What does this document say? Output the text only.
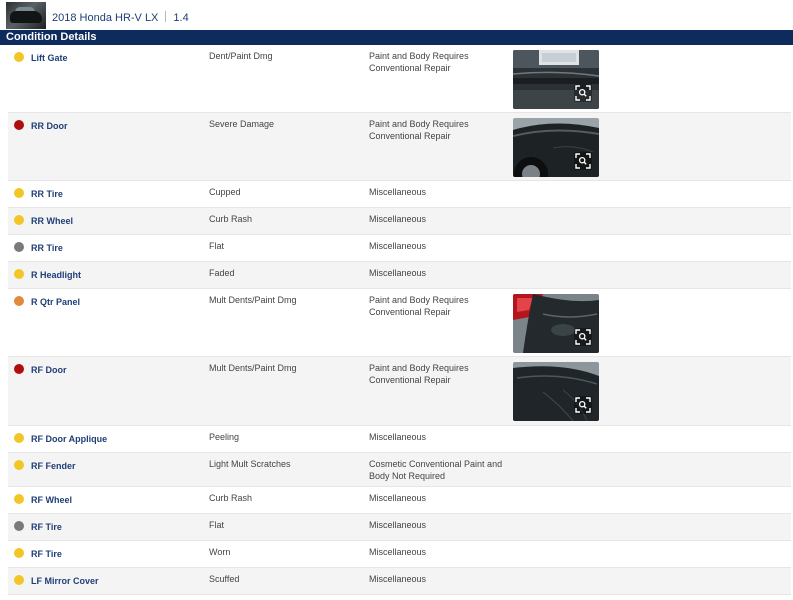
2018 Honda HR-V LX 1.4
Condition Details
Lift Gate	Dent/Paint Dmg	Paint and Body Requires Conventional Repair
RR Door	Severe Damage	Paint and Body Requires Conventional Repair
RR Tire	Cupped	Miscellaneous
RR Wheel	Curb Rash	Miscellaneous
RR Tire	Flat	Miscellaneous
R Headlight	Faded	Miscellaneous
R Qtr Panel	Mult Dents/Paint Dmg	Paint and Body Requires Conventional Repair
RF Door	Mult Dents/Paint Dmg	Paint and Body Requires Conventional Repair
RF Door Applique	Peeling	Miscellaneous
RF Fender	Light Mult Scratches	Cosmetic Conventional Paint and Body Not Required
RF Wheel	Curb Rash	Miscellaneous
RF Tire	Flat	Miscellaneous
RF Tire	Worn	Miscellaneous
LF Mirror Cover	Scuffed	Miscellaneous
